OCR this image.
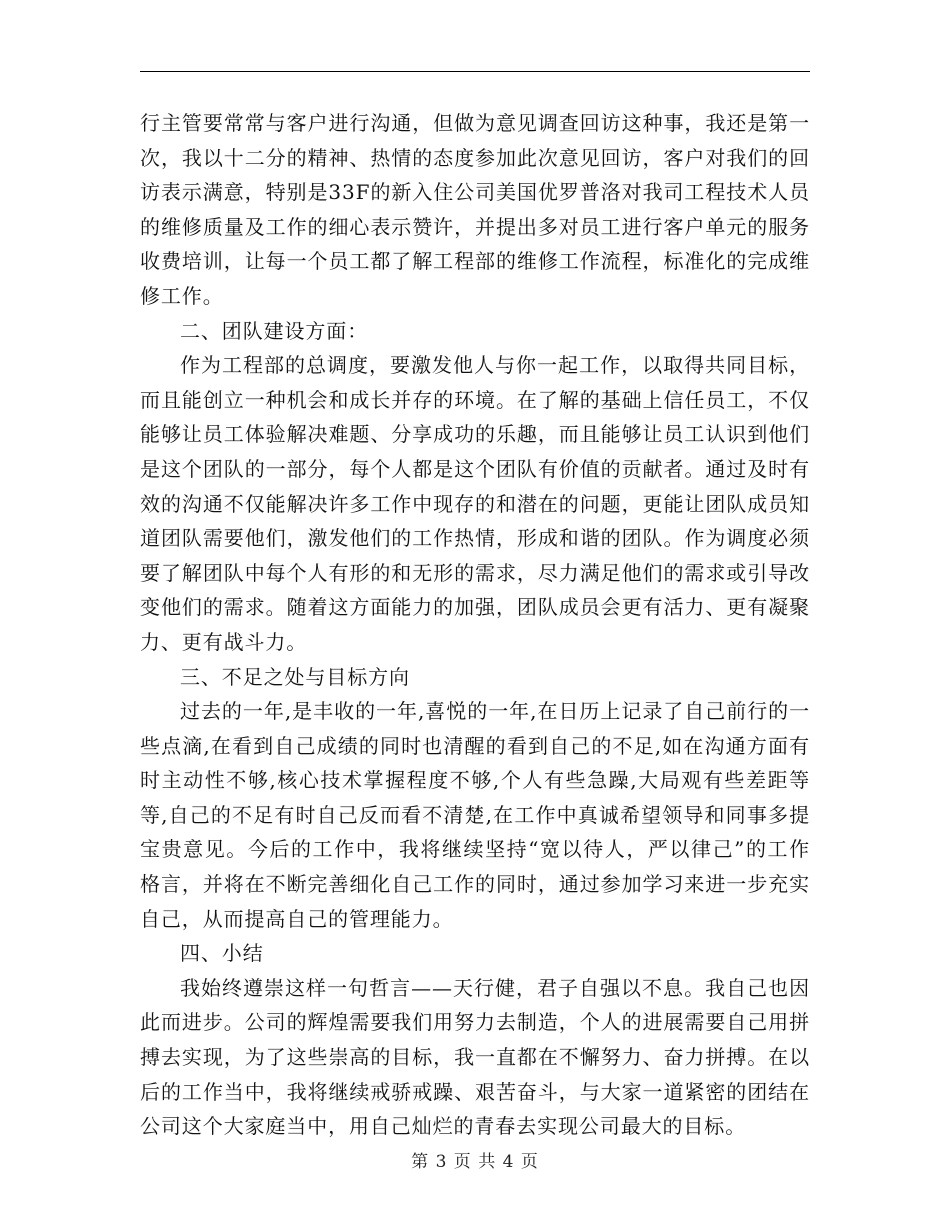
行主管要常常与客户进行沟通，但做为意见调查回访这种事，我还是第一次，我以十二分的精神、热情的态度参加此次意见回访，客户对我们的回访表示满意，特别是33F的新入住公司美国优罗普洛对我司工程技术人员的维修质量及工作的细心表示赞许，并提出多对员工进行客户单元的服务收费培训，让每一个员工都了解工程部的维修工作流程，标准化的完成维修工作。

二、团队建设方面：

作为工程部的总调度，要激发他人与你一起工作，以取得共同目标，而且能创立一种机会和成长并存的环境。在了解的基础上信任员工，不仅能够让员工体验解决难题、分享成功的乐趣，而且能够让员工认识到他们是这个团队的一部分，每个人都是这个团队有价值的贡献者。通过及时有效的沟通不仅能解决许多工作中现存的和潜在的问题，更能让团队成员知道团队需要他们，激发他们的工作热情，形成和谐的团队。作为调度必须要了解团队中每个人有形的和无形的需求，尽力满足他们的需求或引导改变他们的需求。随着这方面能力的加强，团队成员会更有活力、更有凝聚力、更有战斗力。

三、不足之处与目标方向

过去的一年,是丰收的一年,喜悦的一年,在日历上记录了自己前行的一些点滴,在看到自己成绩的同时也清醒的看到自己的不足,如在沟通方面有时主动性不够,核心技术掌握程度不够,个人有些急躁,大局观有些差距等等,自己的不足有时自己反而看不清楚,在工作中真诚希望领导和同事多提宝贵意见。今后的工作中，我将继续坚持“宽以待人，严以律己”的工作格言，并将在不断完善细化自己工作的同时，通过参加学习来进一步充实自己，从而提高自己的管理能力。

四、小结

我始终遵崇这样一句哲言——天行健，君子自强以不息。我自己也因此而进步。公司的辉煌需要我们用努力去制造，个人的进展需要自己用拼搏去实现，为了这些崇高的目标，我一直都在不懈努力、奋力拼搏。在以后的工作当中，我将继续戒骄戒躁、艰苦奋斗，与大家一道紧密的团结在公司这个大家庭当中，用自己灿烂的青春去实现公司最大的目标。

第 3 页 共 4 页
